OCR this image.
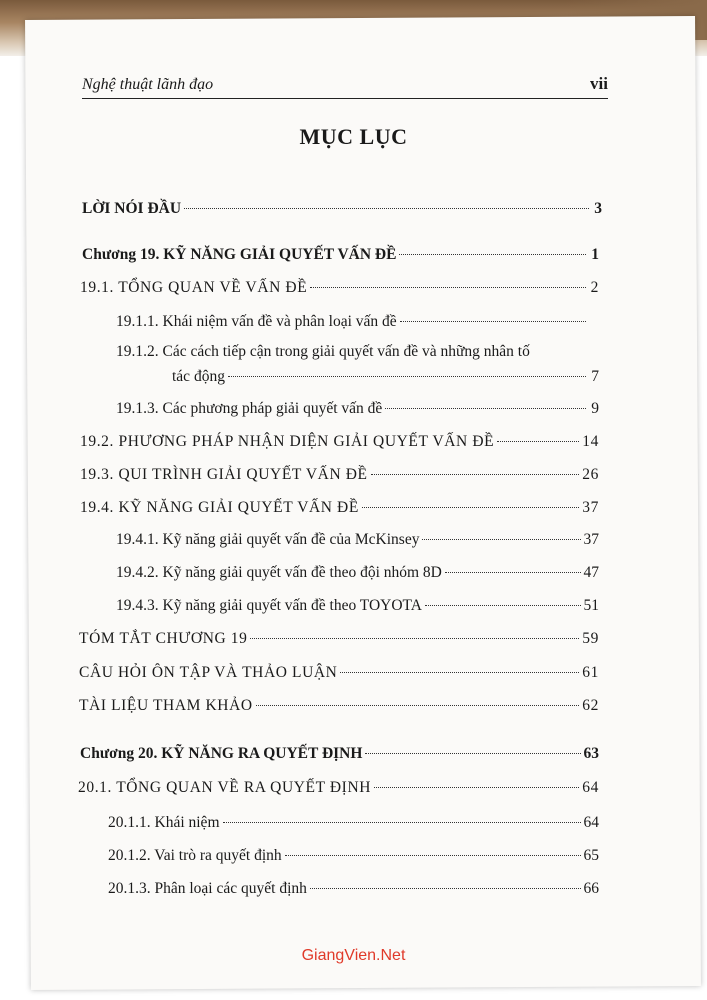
Nghệ thuật lãnh đạo	vii
MỤC LỤC
LỜI NÓI ĐẦU	3
Chương 19. KỸ NĂNG GIẢI QUYẾT VẤN ĐỀ	1
19.1. TỔNG QUAN VỀ VẤN ĐỀ	2
19.1.1. Khái niệm vấn đề và phân loại vấn đề
19.1.2. Các cách tiếp cận trong giải quyết vấn đề và những nhân tố
tác động	7
19.1.3. Các phương pháp giải quyết vấn đề	9
19.2. PHƯƠNG PHÁP NHẬN DIỆN GIẢI QUYẾT VẤN ĐỀ	14
19.3. QUI TRÌNH GIẢI QUYẾT VẤN ĐỀ	26
19.4. KỸ NĂNG GIẢI QUYẾT VẤN ĐỀ	37
19.4.1. Kỹ năng giải quyết vấn đề của McKinsey	37
19.4.2. Kỹ năng giải quyết vấn đề theo đội nhóm 8D	47
19.4.3. Kỹ năng giải quyết vấn đề theo TOYOTA	51
TÓM TẮT CHƯƠNG 19	59
CÂU HỎI ÔN TẬP VÀ THẢO LUẬN	61
TÀI LIỆU THAM KHẢO	62
Chương 20. KỸ NĂNG RA QUYẾT ĐỊNH	63
20.1. TỔNG QUAN VỀ RA QUYẾT ĐỊNH	64
20.1.1. Khái niệm	64
20.1.2. Vai trò ra quyết định	65
20.1.3. Phân loại các quyết định	66
GiangVien.Net
